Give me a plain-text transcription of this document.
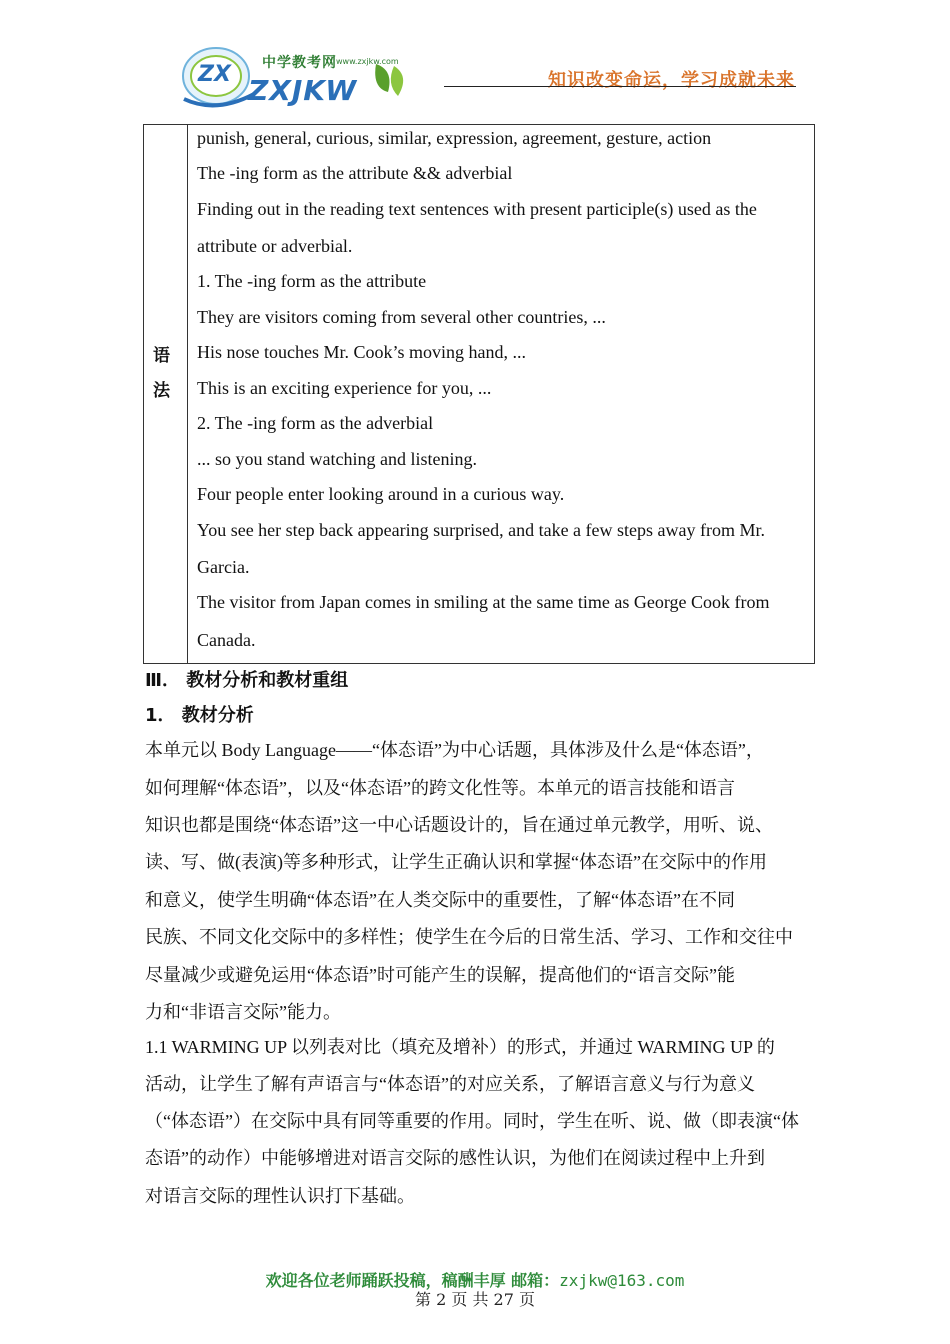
ZX 中学教考网 www.zxjkw.com
ZXJKW	知识改变命运，学习成就未来
语
法
punish, general, curious, similar, expression, agreement, gesture, action
The -ing form as the attribute && adverbial
Finding out in the reading text sentences with present participle(s) used as the
attribute or adverbial.
1. The -ing form as the attribute
They are visitors coming from several other countries, ...
His nose touches Mr. Cook’s moving hand, ...
This is an exciting experience for you, ...
2. The -ing form as the adverbial
... so you stand watching and listening.
Four people enter looking around in a curious way.
You see her step back appearing surprised, and take a few steps away from Mr.
Garcia.
The visitor from Japan comes in smiling at the same time as George Cook from
Canada.
Ⅲ． 教材分析和教材重组
1． 教材分析
本单元以 Body Language——“体态语”为中心话题，具体涉及什么是“体态语”，
如何理解“体态语”，以及“体态语”的跨文化性等。本单元的语言技能和语言
知识也都是围绕“体态语”这一中心话题设计的，旨在通过单元教学，用听、说、
读、写、做(表演)等多种形式，让学生正确认识和掌握“体态语”在交际中的作用
和意义，使学生明确“体态语”在人类交际中的重要性，了解“体态语”在不同
民族、不同文化交际中的多样性；使学生在今后的日常生活、学习、工作和交往中
尽量减少或避免运用“体态语”时可能产生的误解，提高他们的“语言交际”能
力和“非语言交际”能力。
1.1 WARMING UP 以列表对比（填充及增补）的形式，并通过 WARMING UP 的
活动，让学生了解有声语言与“体态语”的对应关系，了解语言意义与行为意义
（“体态语”）在交际中具有同等重要的作用。同时，学生在听、说、做（即表演“体
态语”的动作）中能够增进对语言交际的感性认识，为他们在阅读过程中上升到
对语言交际的理性认识打下基础。
欢迎各位老师踊跃投稿，稿酬丰厚 邮箱：zxjkw@163.com
第 2 页 共 27 页
